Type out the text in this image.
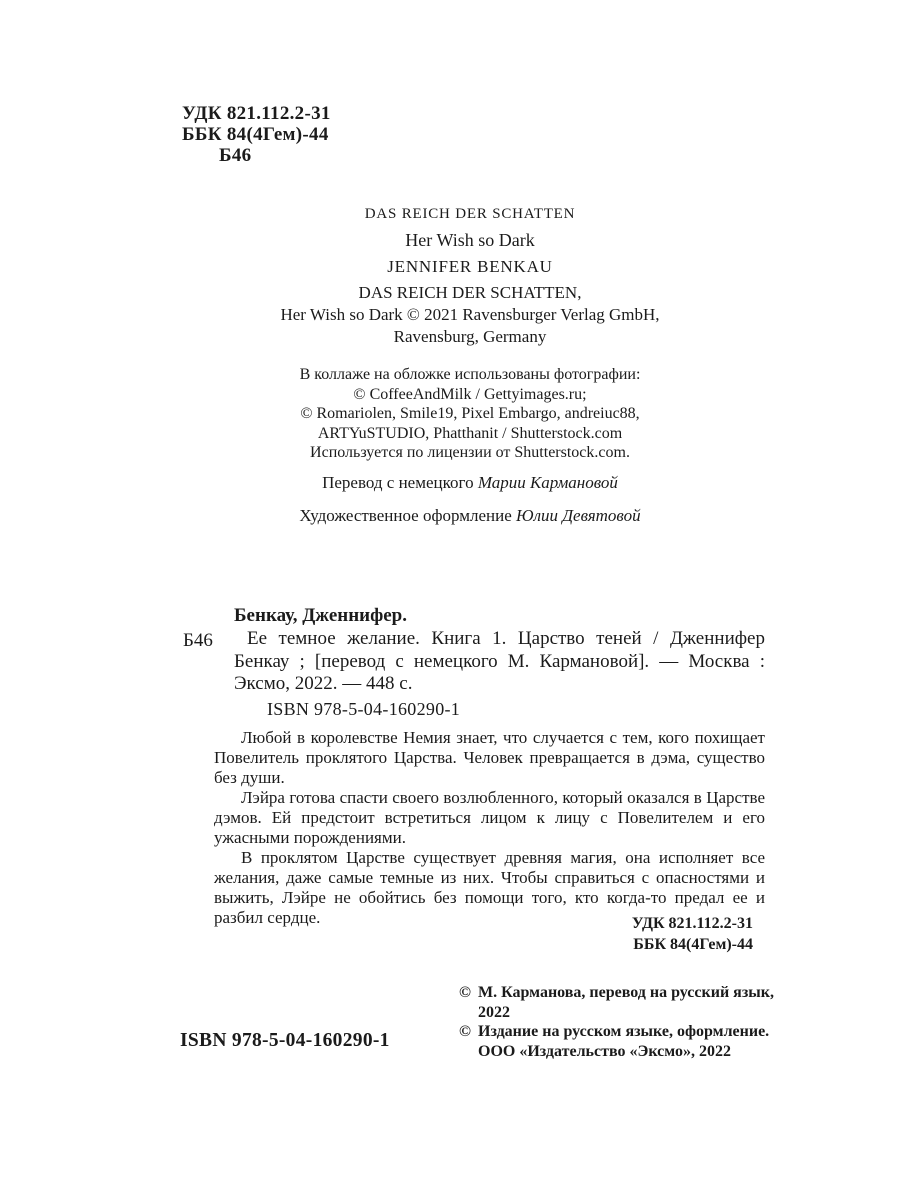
УДК 821.112.2-31
ББК 84(4Гем)-44
Б46
DAS REICH DER SCHATTEN
Her Wish so Dark
JENNIFER BENKAU
DAS REICH DER SCHATTEN,
Her Wish so Dark © 2021 Ravensburger Verlag GmbH,
Ravensburg, Germany
В коллаже на обложке использованы фотографии:
© CoffeeAndMilk / Gettyimages.ru;
© Romariolen, Smile19, Pixel Embargo, andreiuc88,
ARTYuSTUDIO, Phatthanit / Shutterstock.com
Используется по лицензии от Shutterstock.com.
Перевод с немецкого Марии Кармановой
Художественное оформление Юлии Девятовой
Бенкау, Дженнифер.
Б46	Ее темное желание. Книга 1. Царство теней / Дженнифер Бенкау ; [перевод с немецкого М. Кармановой]. — Москва : Эксмо, 2022. — 448 с.
ISBN 978-5-04-160290-1

Любой в королевстве Немия знает, что случается с тем, кого похищает Повелитель проклятого Царства. Человек превращается в дэма, существо без души.

Лэйра готова спасти своего возлюбленного, который оказался в Царстве дэмов. Ей предстоит встретиться лицом к лицу с Повелителем и его ужасными порождениями.

В проклятом Царстве существует древняя магия, она исполняет все желания, даже самые темные из них. Чтобы справиться с опасностями и выжить, Лэйре не обойтись без помощи того, кто когда-то предал ее и разбил сердце.	УДК 821.112.2-31
ББК 84(4Гем)-44
© М. Карманова, перевод на русский язык,
2022
© Издание на русском языке, оформление.
ООО «Издательство «Эксмо», 2022
ISBN 978-5-04-160290-1
